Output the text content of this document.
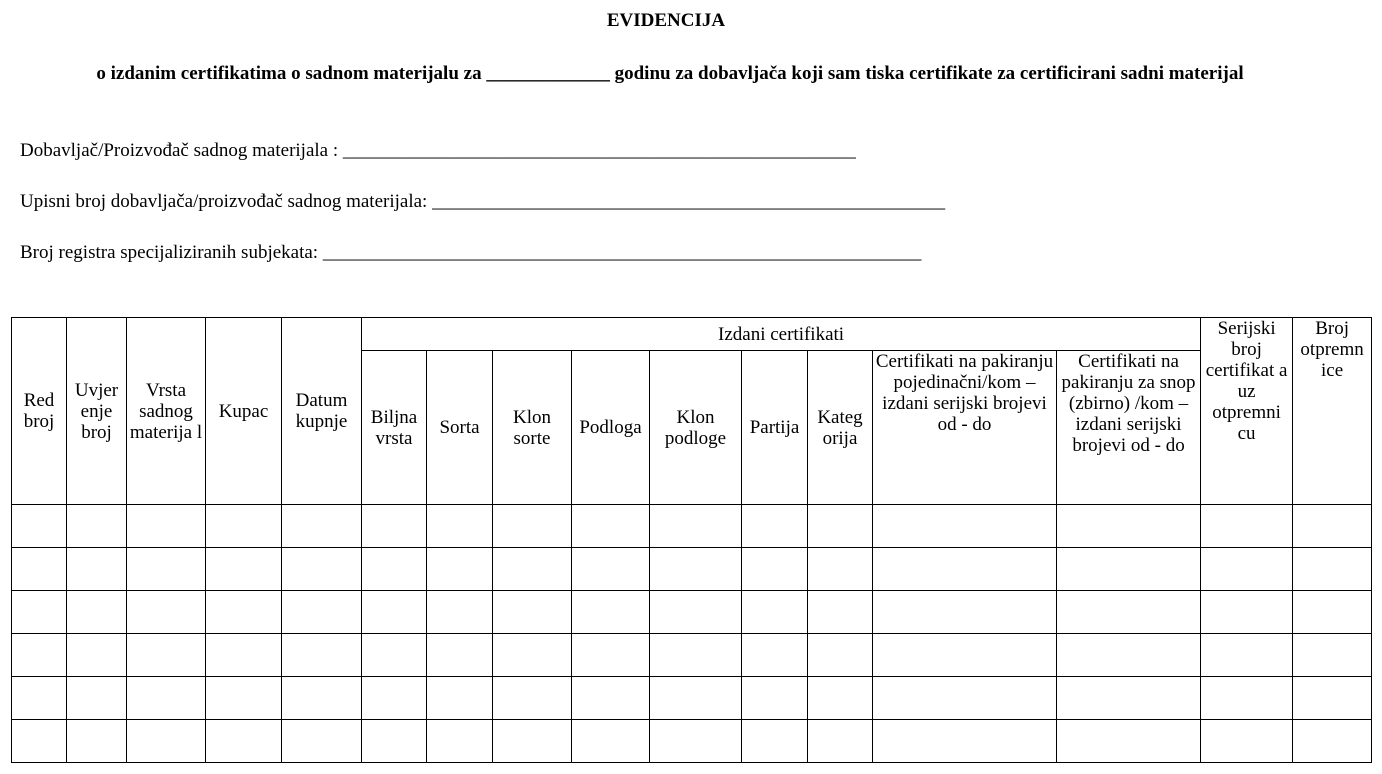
EVIDENCIJA
o izdanim certifikatima o sadnom materijalu za _____________ godinu za dobavljača koji sam tiska certifikate za certificirani sadni materijal
Dobavljač/Proizvođač sadnog materijala : ______________________________________________________
Upisni broj dobavljača/proizvođač sadnog materijala: ______________________________________________________
Broj registra specijaliziranih subjekata: _______________________________________________________________
Red broj	Uvjer enje broj	Vrsta sadnog materija l	Kupac	Datum kupnje	Izdani certifikati									Serijski broj certifikat a uz otpremni cu	Broj otpremn ice
					Biljna vrsta	Sorta	Klon sorte	Podloga	Klon podloge	Partija	Kateg orija	Certifikati na pakiranju pojedinačni/kom – izdani serijski brojevi od - do	Certifikati na pakiranju za snop (zbirno) /kom – izdani serijski brojevi od - do		
